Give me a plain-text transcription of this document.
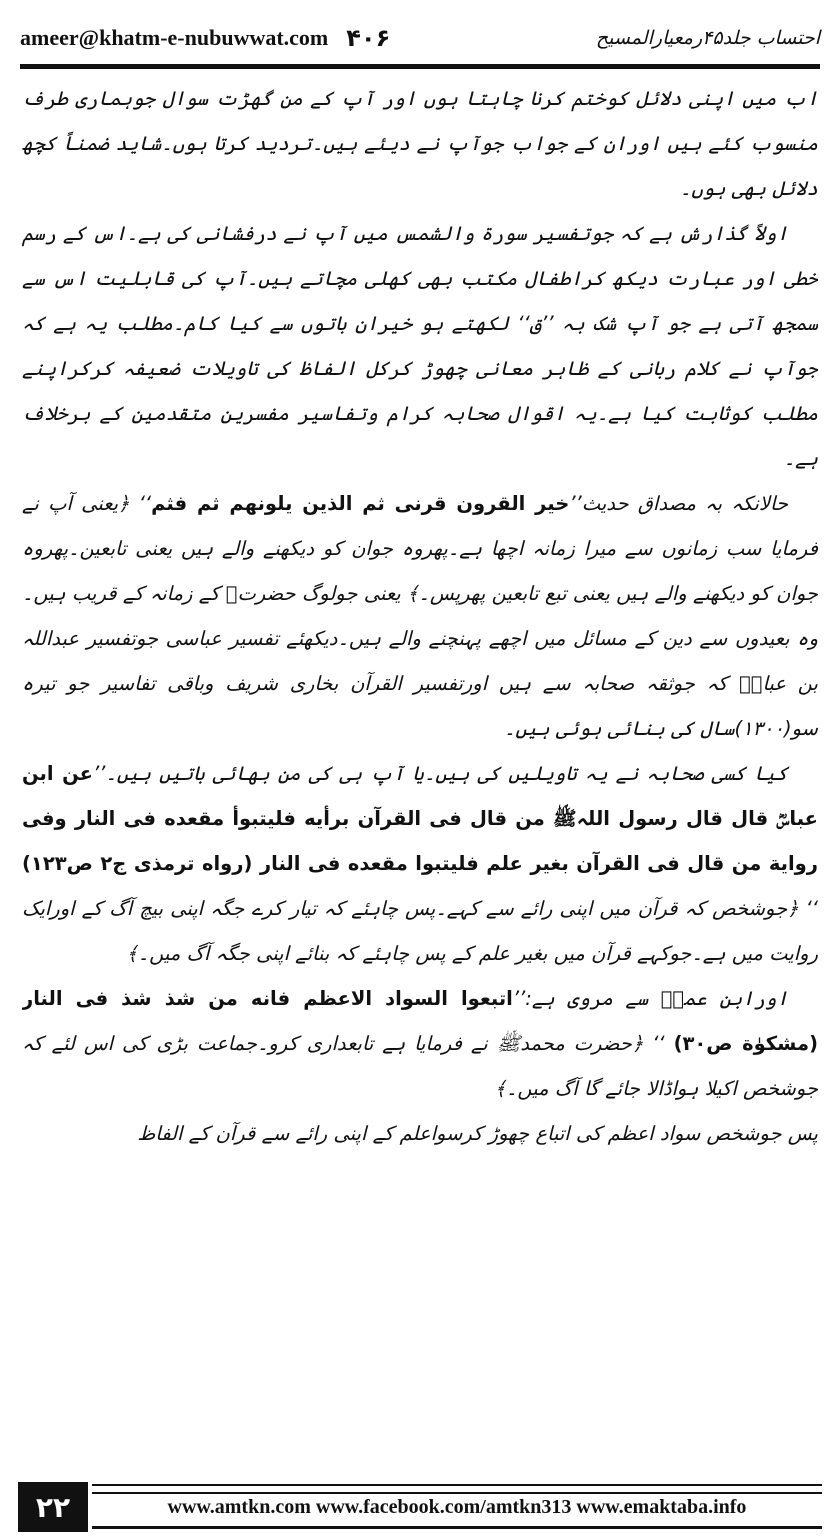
ameer@khatm-e-nubuwwat.com ۴۰۶	احتساب جلد۴۵رمعیارالمسیح

اب میں اپنی دلائل کوختم کرنا چاہتا ہوں اور آپ کے من گھڑت سوال جوہماری طرف منسوب کئے ہیں اوران کے جواب جوآپ نے دیئے ہیں۔تردید کرتا ہوں۔شاید ضمناً کچھ دلائل بھی ہوں۔

اولاً گذارش ہے کہ جوتفسیر سورۃ والشمس میں آپ نے درفشانی کی ہے۔اس کے رسم خطی اور عبارت دیکھ کراطفال مکتب بھی کھلی مچاتے ہیں۔آپ کی قابلیت اس سے سمجھ آتی ہے جو آپ شک بہ ’’ق‘‘ لکھتے ہو خیران باتوں سے کیا کام۔مطلب یہ ہے کہ جوآپ نے کلام ربانی کے ظاہر معانی چھوڑ کرکل الفاظ کی تاویلات ضعیفہ کرکراپنے مطلب کوثابت کیا ہے۔یہ اقوال صحابہ کرام وتفاسیر مفسرین متقدمین کے برخلاف ہے۔

حالانکہ بہ مصداق حدیث’’خیر القرون قرنی ثم الذین یلونهم ثم فثم‘‘ ﴿یعنی آپ نے فرمایا سب زمانوں سے میرا زمانہ اچھا ہے۔پھروہ جوان کو دیکھنے والے ہیں یعنی تابعین۔پھروہ جوان کو دیکھنے والے ہیں یعنی تبع تابعین پھرپس۔﴾ یعنی جولوگ حضرتﷺ کے زمانہ کے قریب ہیں۔وہ بعیدوں سے دین کے مسائل میں اچھے پہنچنے والے ہیں۔دیکھئے تفسیر عباسی جوتفسیر عبداللہ بن عباسؓ کہ جوثقہ صحابہ سے ہیں اورتفسیر القرآن بخاری شریف وباقی تفاسیر جو تیرہ سو(۱۳۰۰)سال کی بنائی ہوئی ہیں۔

کیا کسی صحابہ نے یہ تاویلیں کی ہیں۔یا آپ ہی کی من بھائی باتیں ہیں۔’’عن ابن عباسؓ قال قال رسول اللہﷺ من قال فی القرآن برأیه فلیتبوأ مقعده فی النار وفی روایة من قال فی القرآن بغیر علم فلیتبوا مقعده فی النار (رواه ترمذی ج۲ ص۱۲۳) ‘‘ ﴿جوشخص کہ قرآن میں اپنی رائے سے کہے۔پس چاہئے کہ تیار کرے جگہ اپنی بیچ آگ کے اورایک روایت میں ہے۔جوکہے قرآن میں بغیر علم کے پس چاہئے کہ بنائے اپنی جگہ آگ میں۔﴾

اورابن عمرؓ سے مروی ہے:’’اتبعوا السواد الاعظم فانه من شذ شذ فی النار (مشکوٰة ص۳۰) ‘‘ ﴿حضرت محمدﷺ نے فرمایا ہے تابعداری کرو۔جماعت بڑی کی اس لئے کہ جوشخص اکیلا ہواڈالا جائے گا آگ میں۔﴾

پس جوشخص سواد اعظم کی اتباع چھوڑ کرسواعلم کے اپنی رائے سے قرآن کے الفاظ

۲۲	www.amtkn.com www.facebook.com/amtkn313 www.emaktaba.info
